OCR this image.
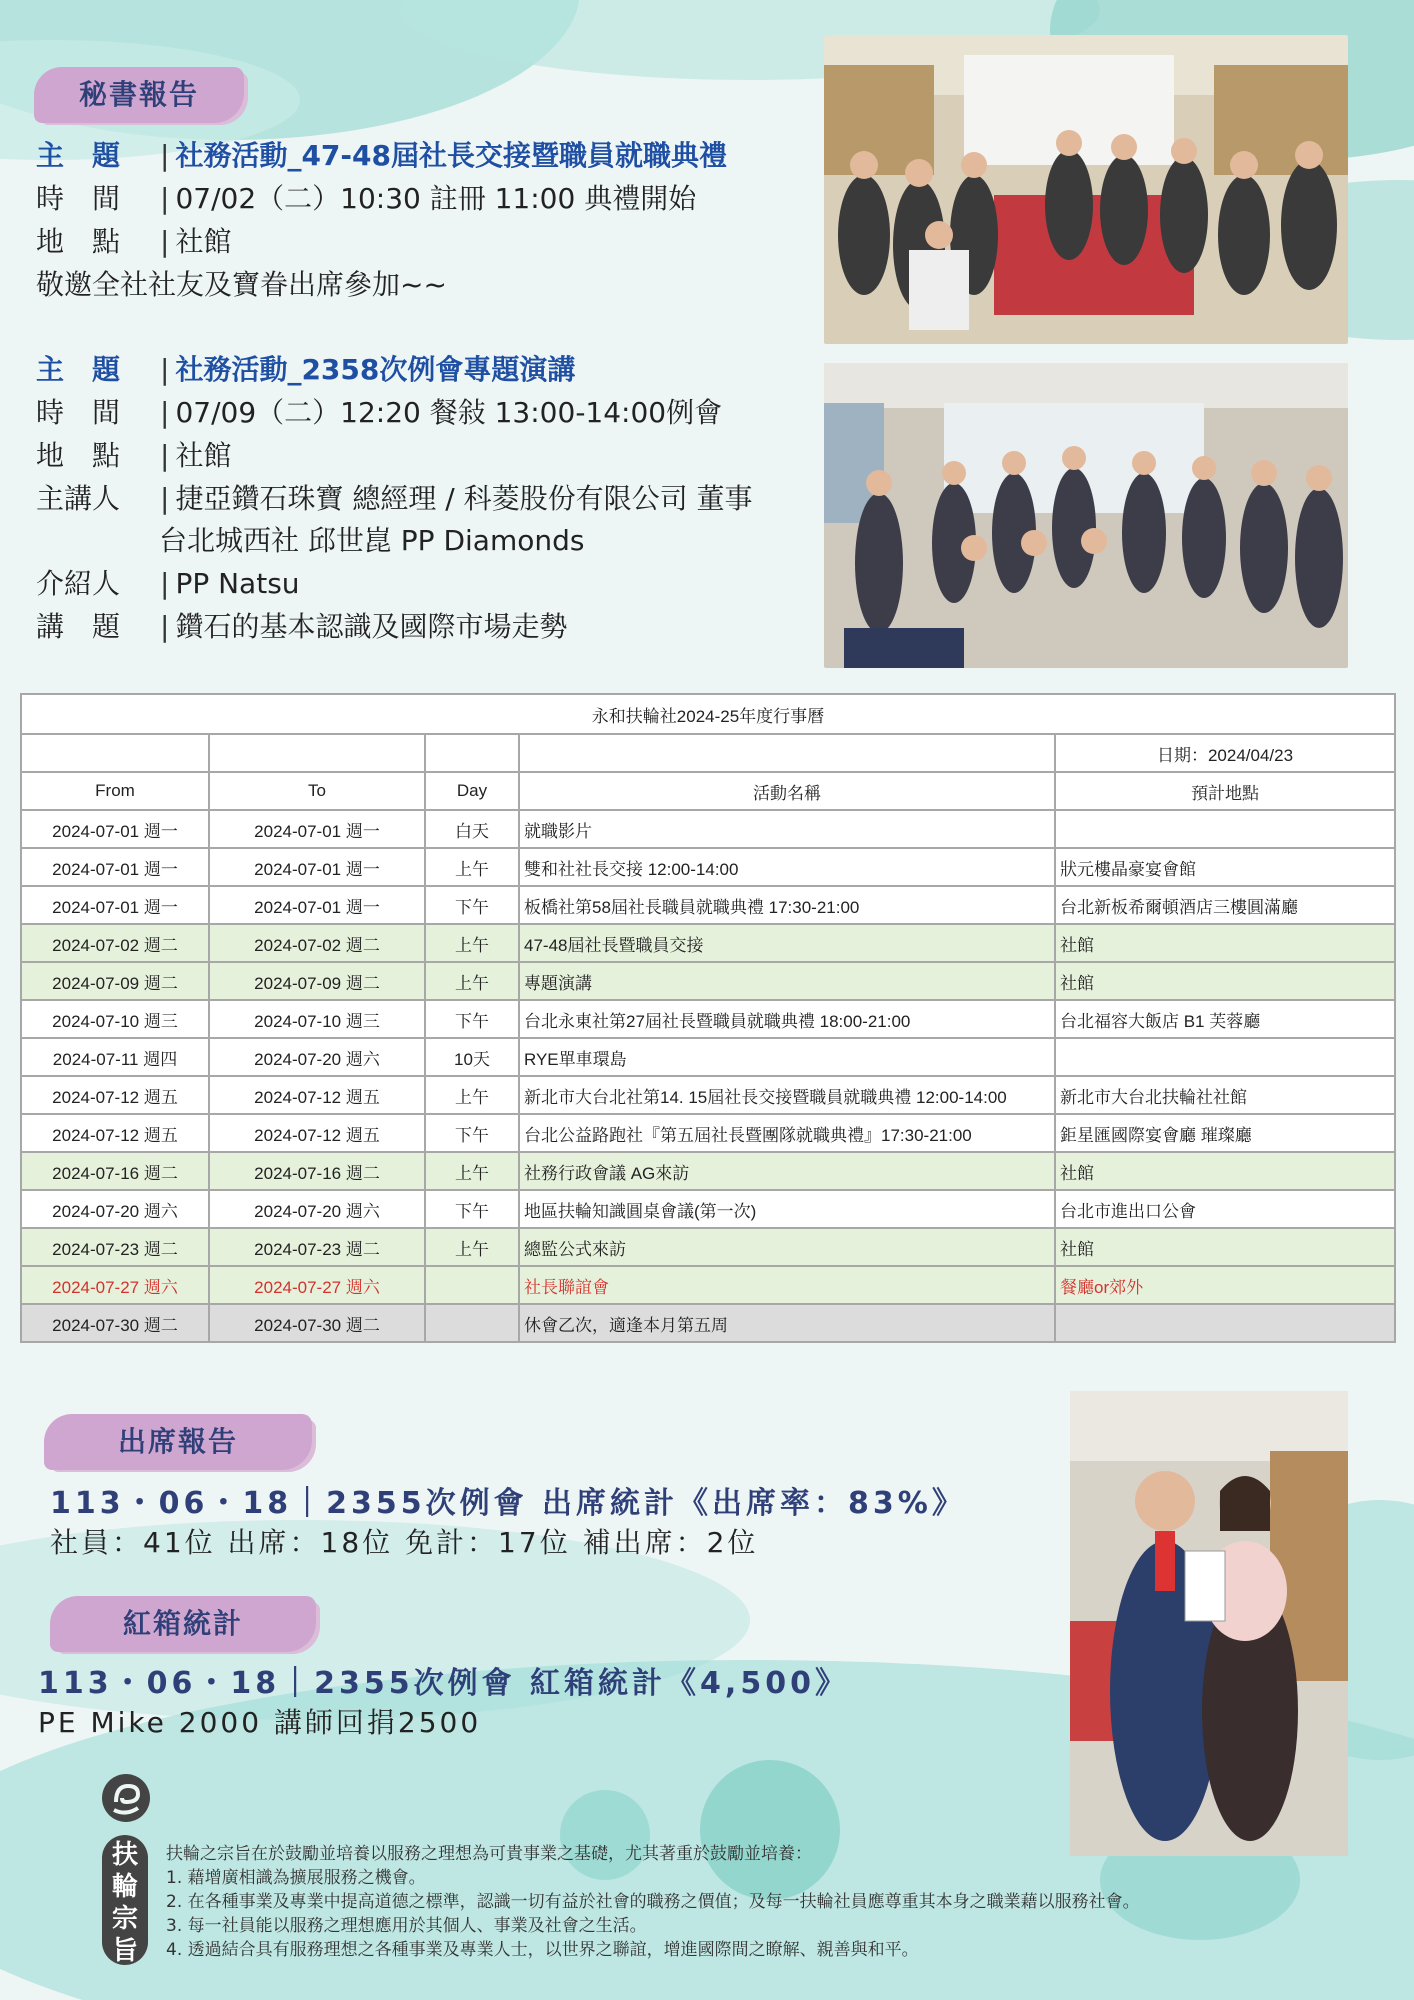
秘書報告
主　題 | 社務活動_47-48屆社長交接暨職員就職典禮
時　間 | 07/02（二）10:30 註冊 11:00 典禮開始
地　點 | 社館
敬邀全社社友及寶眷出席參加~~
主　題 | 社務活動_2358次例會專題演講
時　間 | 07/09（二）12:20 餐敍 13:00-14:00例會
地　點 | 社館
主講人 | 捷亞鑽石珠寶 總經理 / 科菱股份有限公司 董事
台北城西社 邱世崑 PP Diamonds
介紹人 | PP Natsu
講　題 | 鑽石的基本認識及國際市場走勢
永和扶輪社2024-25年度行事曆				
				日期：2024/04/23
From	To	Day	活動名稱	預計地點
2024-07-01 週一	2024-07-01 週一	白天	就職影片	
2024-07-01 週一	2024-07-01 週一	上午	雙和社社長交接 12:00-14:00	狀元樓晶豪宴會館
2024-07-01 週一	2024-07-01 週一	下午	板橋社第58屆社長職員就職典禮 17:30-21:00	台北新板希爾頓酒店三樓圓滿廳
2024-07-02 週二	2024-07-02 週二	上午	47-48屆社長暨職員交接	社館
2024-07-09 週二	2024-07-09 週二	上午	專題演講	社館
2024-07-10 週三	2024-07-10 週三	下午	台北永東社第27屆社長暨職員就職典禮 18:00-21:00	台北福容大飯店 B1 芙蓉廳
2024-07-11 週四	2024-07-20 週六	10天	RYE單車環島	
2024-07-12 週五	2024-07-12 週五	上午	新北市大台北社第14. 15屆社長交接暨職員就職典禮 12:00-14:00	新北市大台北扶輪社社館
2024-07-12 週五	2024-07-12 週五	下午	台北公益路跑社『第五屆社長暨團隊就職典禮』17:30-21:00	鉅星匯國際宴會廳 璀璨廳
2024-07-16 週二	2024-07-16 週二	上午	社務行政會議 AG來訪	社館
2024-07-20 週六	2024-07-20 週六	下午	地區扶輪知識圓桌會議(第一次)	台北市進出口公會
2024-07-23 週二	2024-07-23 週二	上午	總監公式來訪	社館
2024-07-27 週六	2024-07-27 週六		社長聯誼會	餐廳or郊外
2024-07-30 週二	2024-07-30 週二		休會乙次，適逢本月第五周	
出席報告
113・06・18｜2355次例會 出席統計《出席率：83%》
社員：41位 出席：18位 免計：17位 補出席：2位
紅箱統計
113・06・18｜2355次例會 紅箱統計《4,500》
PE Mike 2000 講師回捐2500
扶輪宗旨
扶輪之宗旨在於鼓勵並培養以服務之理想為可貴事業之基礎，尤其著重於鼓勵並培養：
1. 藉增廣相識為擴展服務之機會。
2. 在各種事業及專業中提高道德之標準，認識一切有益於社會的職務之價值；及每一扶輪社員應尊重其本身之職業藉以服務社會。
3. 每一社員能以服務之理想應用於其個人、事業及社會之生活。
4. 透過結合具有服務理想之各種事業及專業人士，以世界之聯誼，增進國際間之瞭解、親善與和平。
